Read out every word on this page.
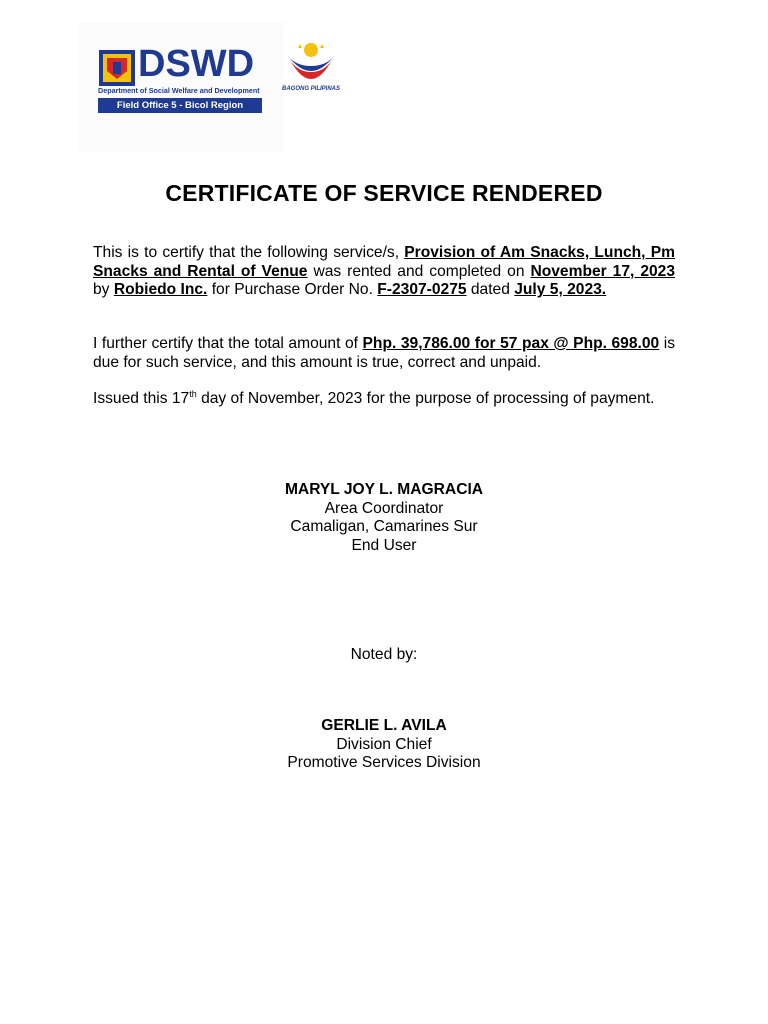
DSWD
Department of Social Welfare and Development
Field Office 5 - Bicol Region
BAGONG PILIPINAS
CERTIFICATE OF SERVICE RENDERED
This is to certify that the following service/s, Provision of Am Snacks, Lunch, Pm Snacks and Rental of Venue was rented and completed on November 17, 2023 by Robiedo Inc. for Purchase Order No. F-2307-0275 dated July 5, 2023.
I further certify that the total amount of Php. 39,786.00 for 57 pax @ Php. 698.00 is due for such service, and this amount is true, correct and unpaid.
Issued this 17th day of November, 2023 for the purpose of processing of payment.
MARYL JOY L. MAGRACIA
Area Coordinator
Camaligan, Camarines Sur
End User
Noted by:
GERLIE L. AVILA
Division Chief
Promotive Services Division
